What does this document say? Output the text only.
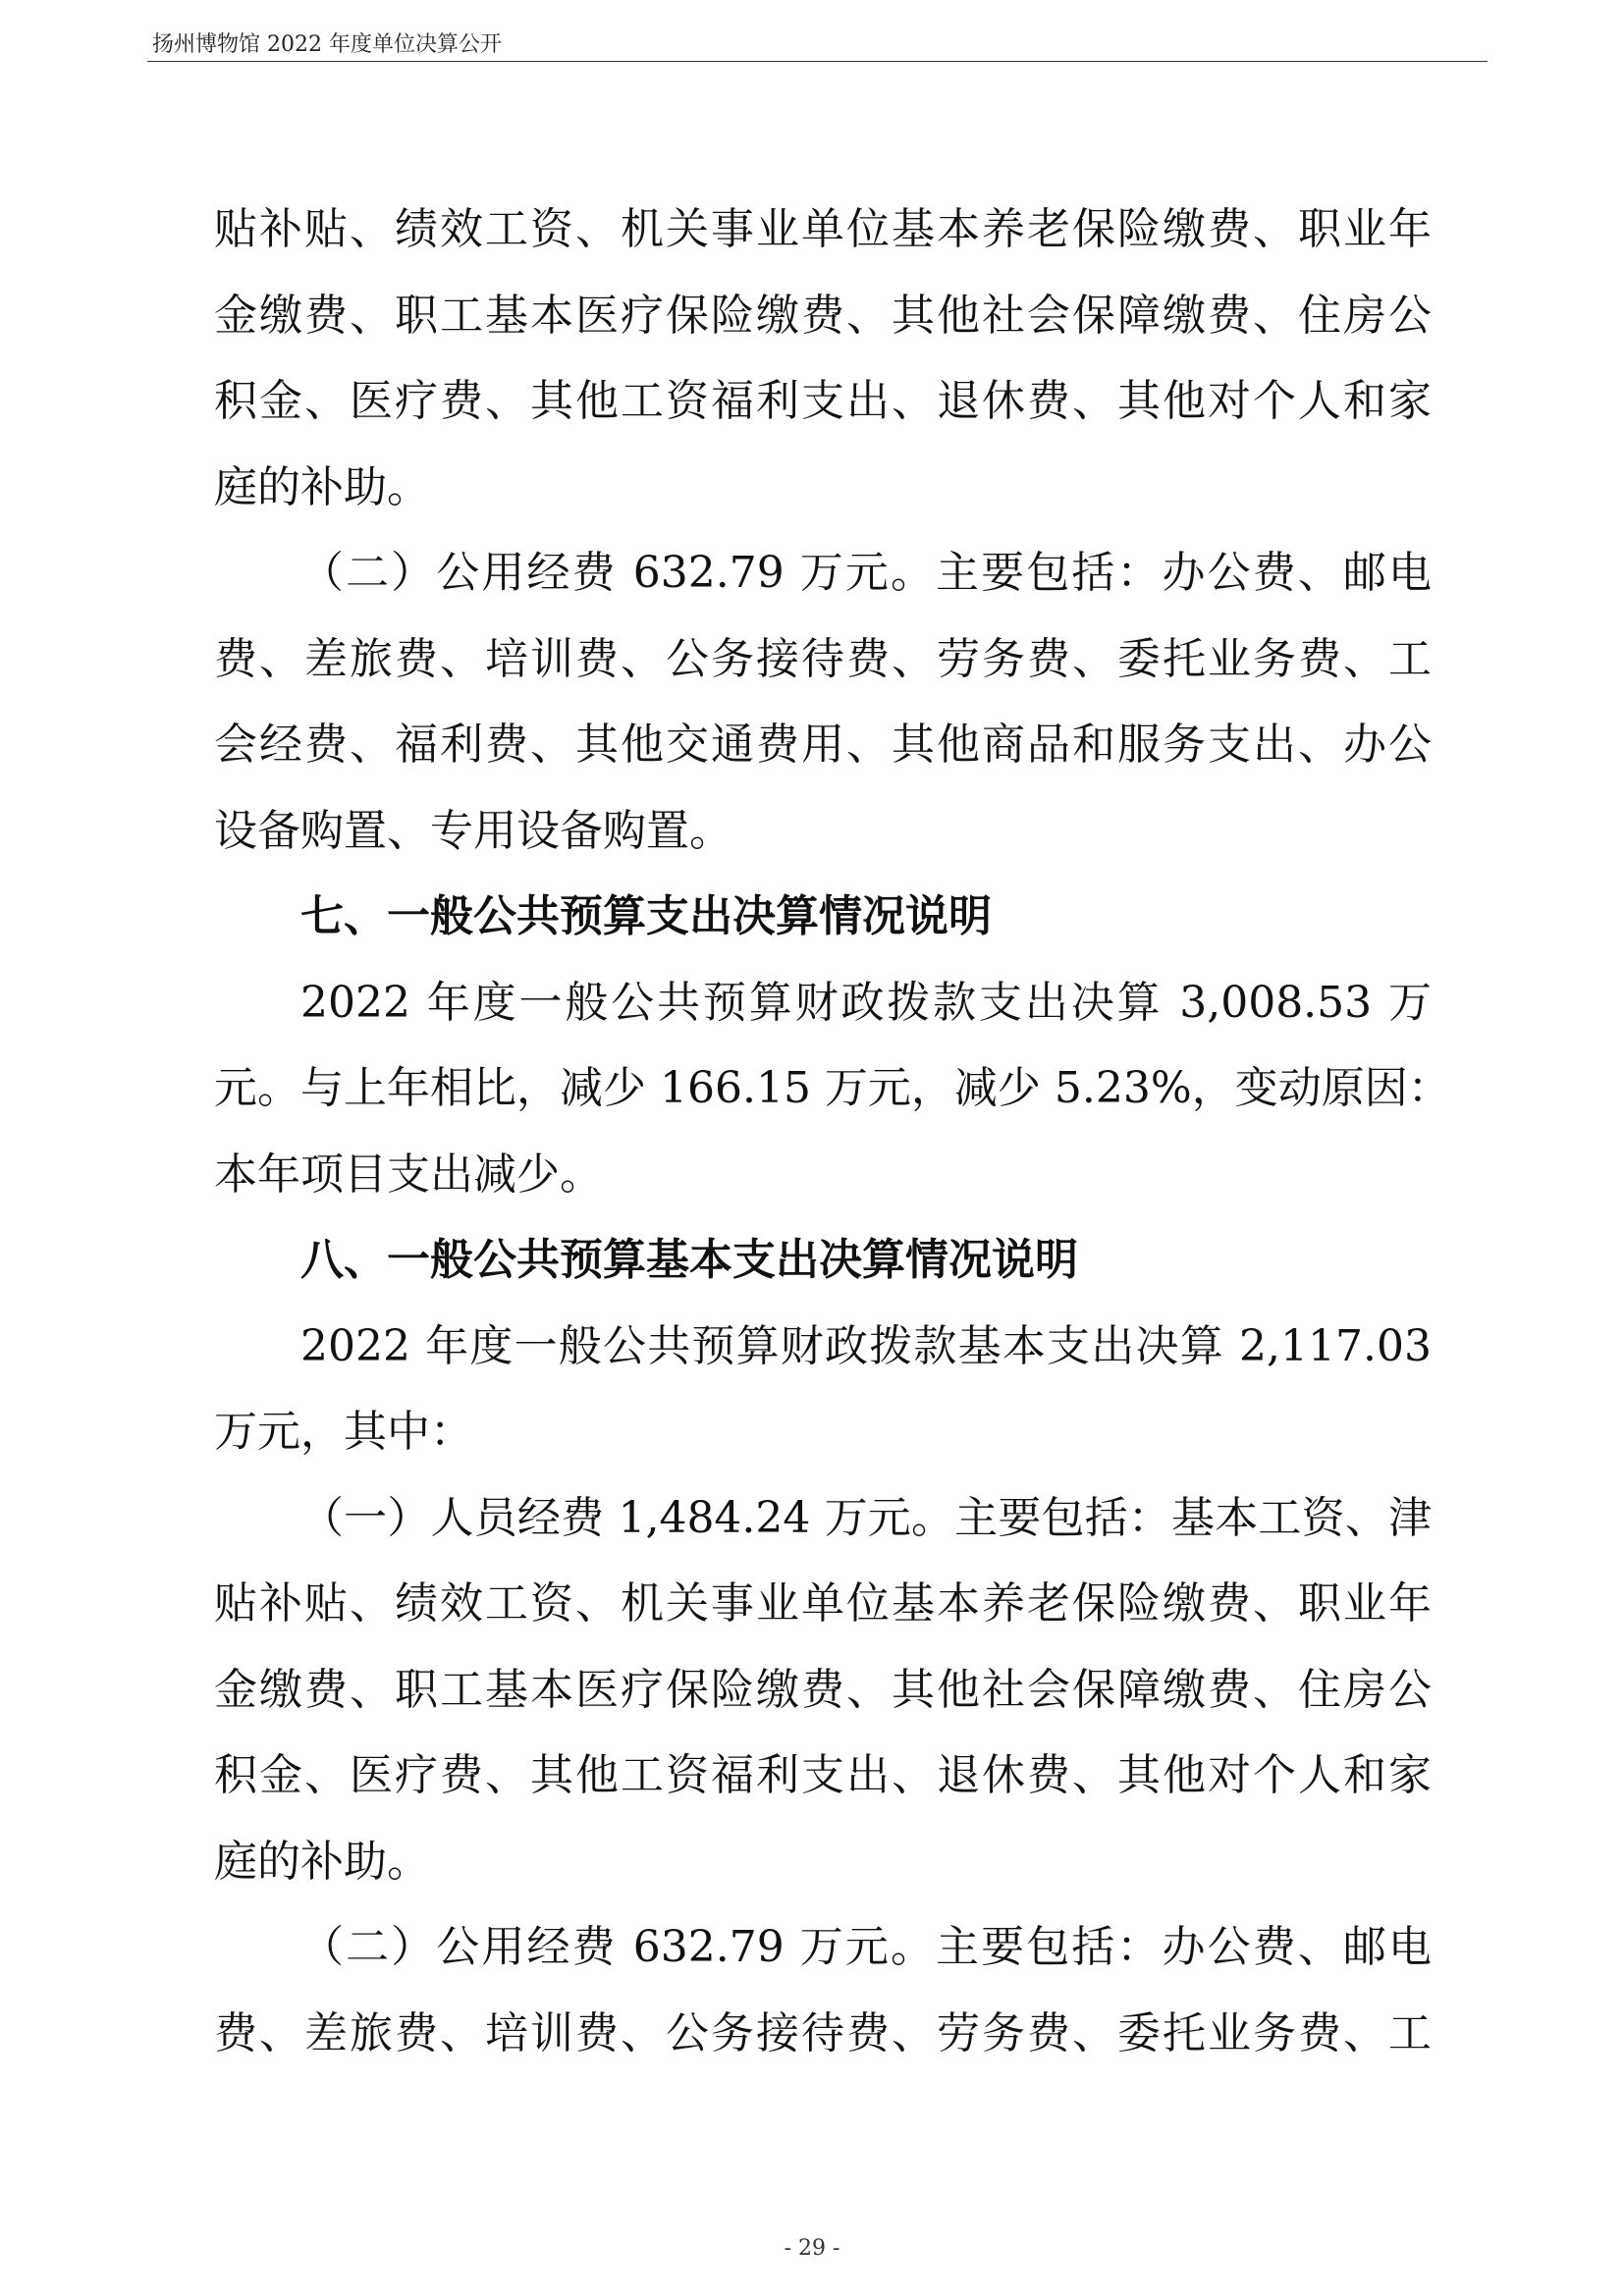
扬州博物馆 2022 年度单位决算公开
贴补贴、绩效工资、机关事业单位基本养老保险缴费、职业年
金缴费、职工基本医疗保险缴费、其他社会保障缴费、住房公
积金、医疗费、其他工资福利支出、退休费、其他对个人和家
庭的补助。
（二）公用经费 632.79 万元。主要包括：办公费、邮电
费、差旅费、培训费、公务接待费、劳务费、委托业务费、工
会经费、福利费、其他交通费用、其他商品和服务支出、办公
设备购置、专用设备购置。
七、一般公共预算支出决算情况说明
2022 年度一般公共预算财政拨款支出决算 3,008.53 万
元。与上年相比，减少 166.15 万元，减少 5.23%，变动原因：
本年项目支出减少。
八、一般公共预算基本支出决算情况说明
2022 年度一般公共预算财政拨款基本支出决算 2,117.03
万元，其中：
（一）人员经费 1,484.24 万元。主要包括：基本工资、津
贴补贴、绩效工资、机关事业单位基本养老保险缴费、职业年
金缴费、职工基本医疗保险缴费、其他社会保障缴费、住房公
积金、医疗费、其他工资福利支出、退休费、其他对个人和家
庭的补助。
（二）公用经费 632.79 万元。主要包括：办公费、邮电
费、差旅费、培训费、公务接待费、劳务费、委托业务费、工
- 29 -
